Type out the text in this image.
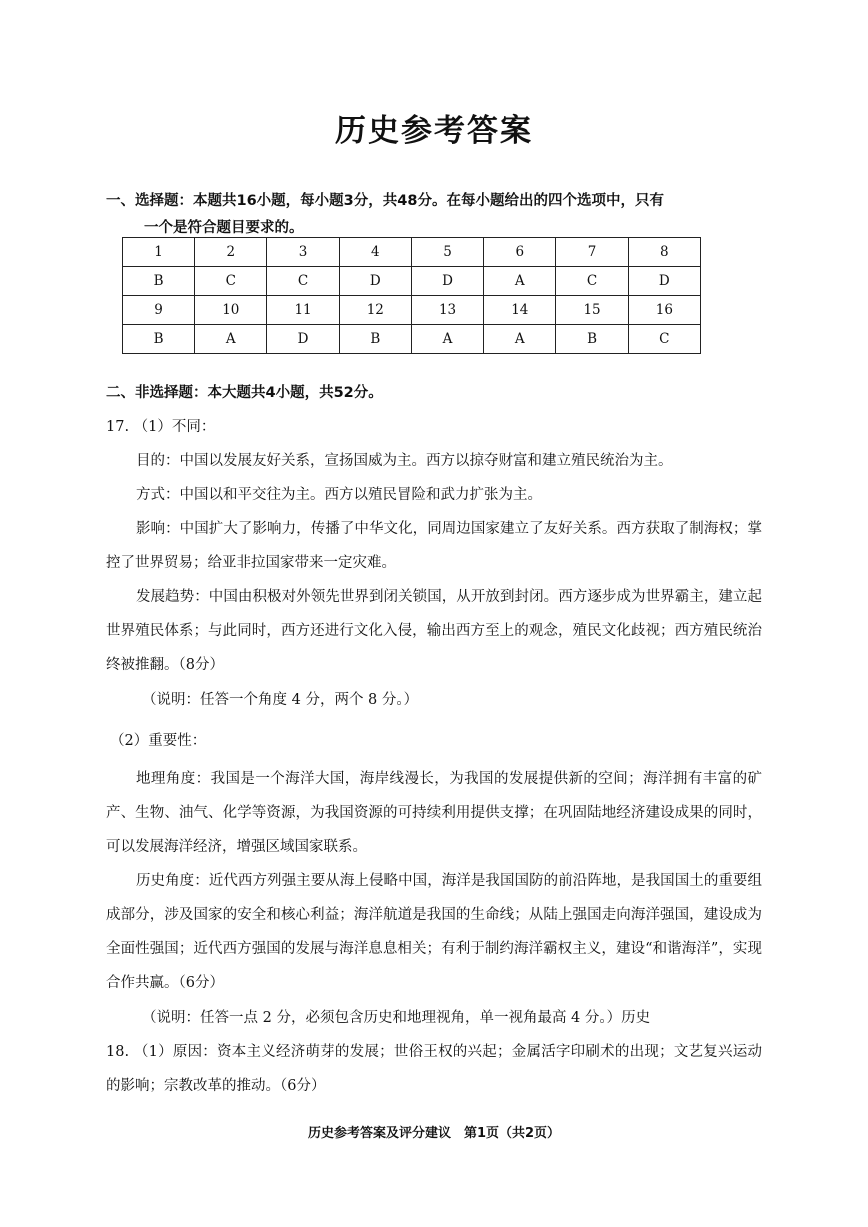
历史参考答案
一、选择题：本题共16小题，每小题3分，共48分。在每小题给出的四个选项中，只有
一个是符合题目要求的。
1	2	3	4	5	6	7	8
B	C	C	D	D	A	C	D
9	10	11	12	13	14	15	16
B	A	D	B	A	A	B	C
二、非选择题：本大题共4小题，共52分。
17. （1）不同：
目的：中国以发展友好关系，宣扬国威为主。西方以掠夺财富和建立殖民统治为主。
方式：中国以和平交往为主。西方以殖民冒险和武力扩张为主。
影响：中国扩大了影响力，传播了中华文化，同周边国家建立了友好关系。西方获取了制海权；掌控了世界贸易；给亚非拉国家带来一定灾难。
发展趋势：中国由积极对外领先世界到闭关锁国，从开放到封闭。西方逐步成为世界霸主，建立起世界殖民体系；与此同时，西方还进行文化入侵，输出西方至上的观念，殖民文化歧视；西方殖民统治终被推翻。（8分）
（说明：任答一个角度 4 分，两个 8 分。）
（2）重要性：
地理角度：我国是一个海洋大国，海岸线漫长，为我国的发展提供新的空间；海洋拥有丰富的矿产、生物、油气、化学等资源，为我国资源的可持续利用提供支撑；在巩固陆地经济建设成果的同时，可以发展海洋经济，增强区域国家联系。
历史角度：近代西方列强主要从海上侵略中国，海洋是我国国防的前沿阵地，是我国国土的重要组成部分，涉及国家的安全和核心利益；海洋航道是我国的生命线；从陆上强国走向海洋强国，建设成为全面性强国；近代西方强国的发展与海洋息息相关；有利于制约海洋霸权主义，建设“和谐海洋”，实现合作共赢。（6分）
（说明：任答一点 2 分，必须包含历史和地理视角，单一视角最高 4 分。）历史
18. （1）原因：资本主义经济萌芽的发展；世俗王权的兴起；金属活字印刷术的出现；文艺复兴运动的影响；宗教改革的推动。（6分）
历史参考答案及评分建议　第1页（共2页）
